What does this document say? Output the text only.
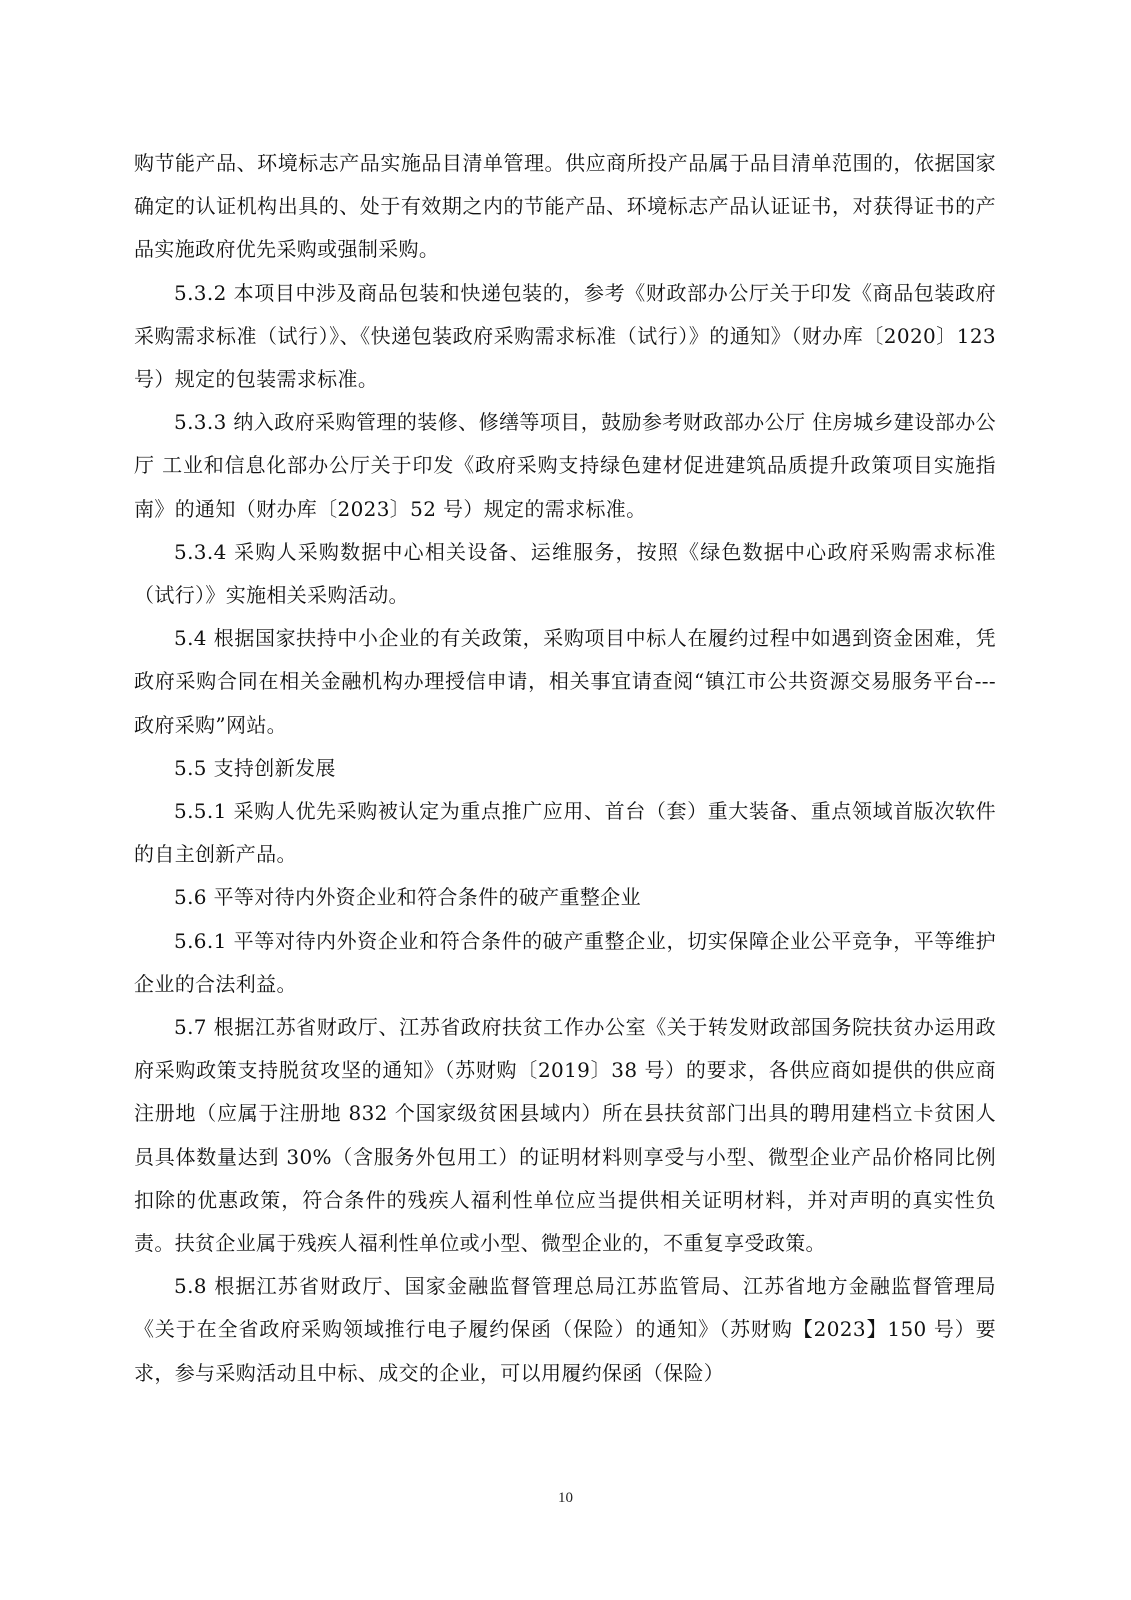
购节能产品、环境标志产品实施品目清单管理。供应商所投产品属于品目清单范围的，依据国家确定的认证机构出具的、处于有效期之内的节能产品、环境标志产品认证证书，对获得证书的产品实施政府优先采购或强制采购。

5.3.2 本项目中涉及商品包装和快递包装的，参考《财政部办公厅关于印发《商品包装政府采购需求标准（试行）》、《快递包装政府采购需求标准（试行）》的通知》（财办库〔2020〕123 号）规定的包装需求标准。

5.3.3 纳入政府采购管理的装修、修缮等项目，鼓励参考财政部办公厅 住房城乡建设部办公厅 工业和信息化部办公厅关于印发《政府采购支持绿色建材促进建筑品质提升政策项目实施指南》的通知（财办库〔2023〕52 号）规定的需求标准。

5.3.4 采购人采购数据中心相关设备、运维服务，按照《绿色数据中心政府采购需求标准（试行）》实施相关采购活动。

5.4 根据国家扶持中小企业的有关政策，采购项目中标人在履约过程中如遇到资金困难，凭政府采购合同在相关金融机构办理授信申请，相关事宜请查阅“镇江市公共资源交易服务平台---政府采购”网站。

5.5 支持创新发展

5.5.1 采购人优先采购被认定为重点推广应用、首台（套）重大装备、重点领域首版次软件的自主创新产品。

5.6 平等对待内外资企业和符合条件的破产重整企业

5.6.1 平等对待内外资企业和符合条件的破产重整企业，切实保障企业公平竞争，平等维护企业的合法利益。

5.7 根据江苏省财政厅、江苏省政府扶贫工作办公室《关于转发财政部国务院扶贫办运用政府采购政策支持脱贫攻坚的通知》（苏财购〔2019〕38 号）的要求，各供应商如提供的供应商注册地（应属于注册地 832 个国家级贫困县域内）所在县扶贫部门出具的聘用建档立卡贫困人员具体数量达到 30%（含服务外包用工）的证明材料则享受与小型、微型企业产品价格同比例扣除的优惠政策，符合条件的残疾人福利性单位应当提供相关证明材料，并对声明的真实性负责。扶贫企业属于残疾人福利性单位或小型、微型企业的，不重复享受政策。

5.8 根据江苏省财政厅、国家金融监督管理总局江苏监管局、江苏省地方金融监督管理局《关于在全省政府采购领域推行电子履约保函（保险）的通知》（苏财购【2023】150 号）要求，参与采购活动且中标、成交的企业，可以用履约保函（保险）

10
